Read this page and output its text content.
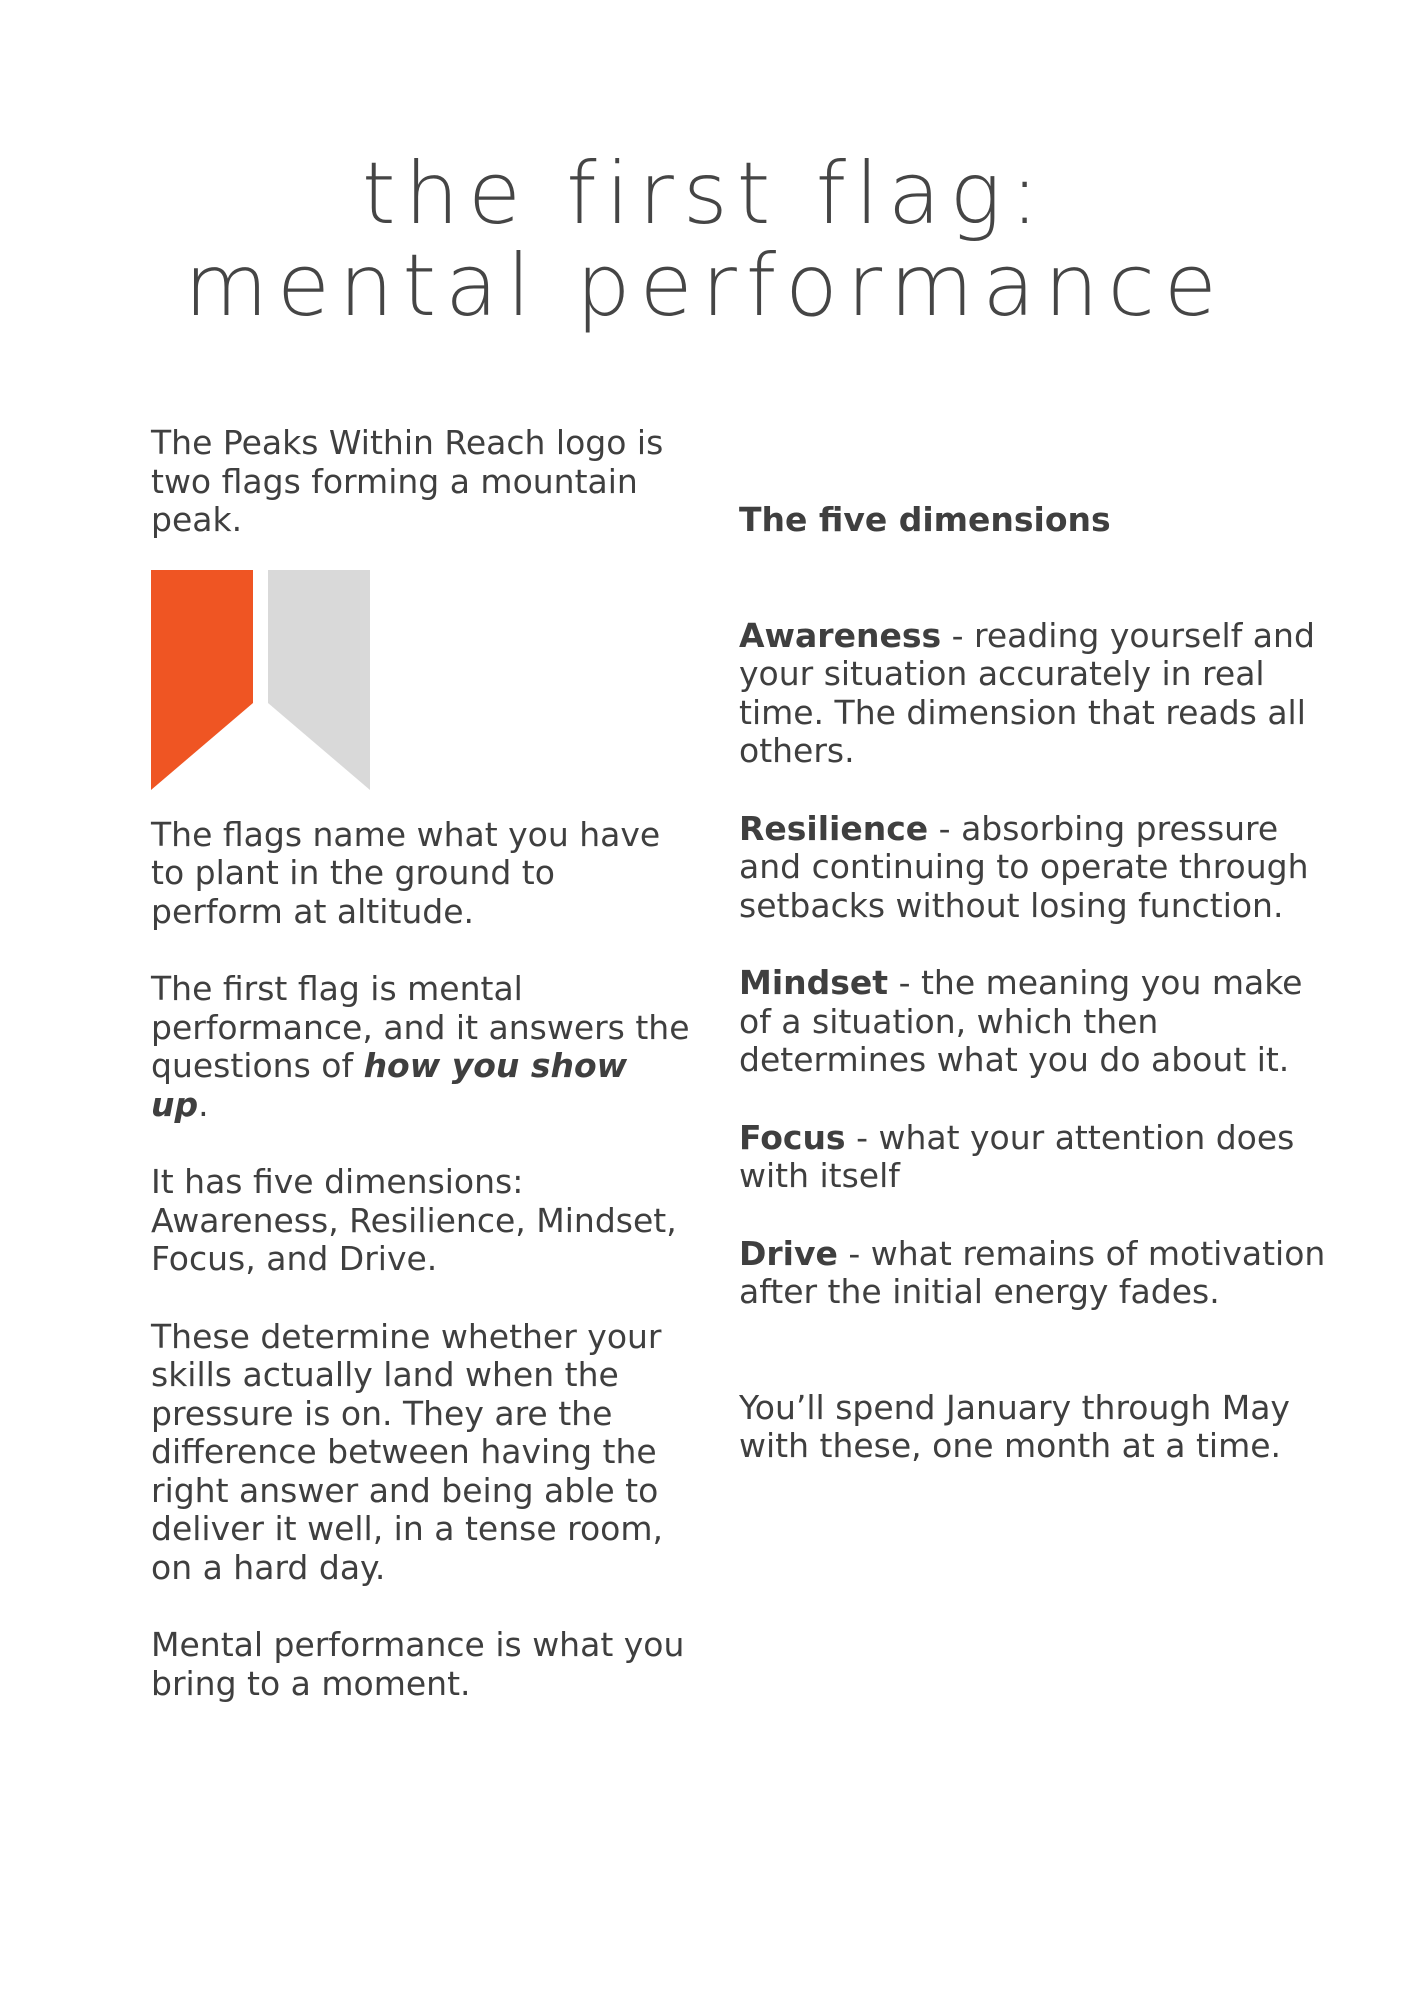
the first flag:
mental performance

The Peaks Within Reach logo is two flags forming a mountain peak.

The flags name what you have to plant in the ground to perform at altitude.

The first flag is mental performance, and it answers the questions of how you show up.

It has five dimensions: Awareness, Resilience, Mindset, Focus, and Drive.

These determine whether your skills actually land when the pressure is on. They are the difference between having the right answer and being able to deliver it well, in a tense room, on a hard day.

Mental performance is what you bring to a moment.

The five dimensions

Awareness - reading yourself and your situation accurately in real time. The dimension that reads all others.

Resilience - absorbing pressure and continuing to operate through setbacks without losing function.

Mindset - the meaning you make of a situation, which then determines what you do about it.

Focus - what your attention does with itself

Drive - what remains of motivation after the initial energy fades.

You’ll spend January through May with these, one month at a time.
